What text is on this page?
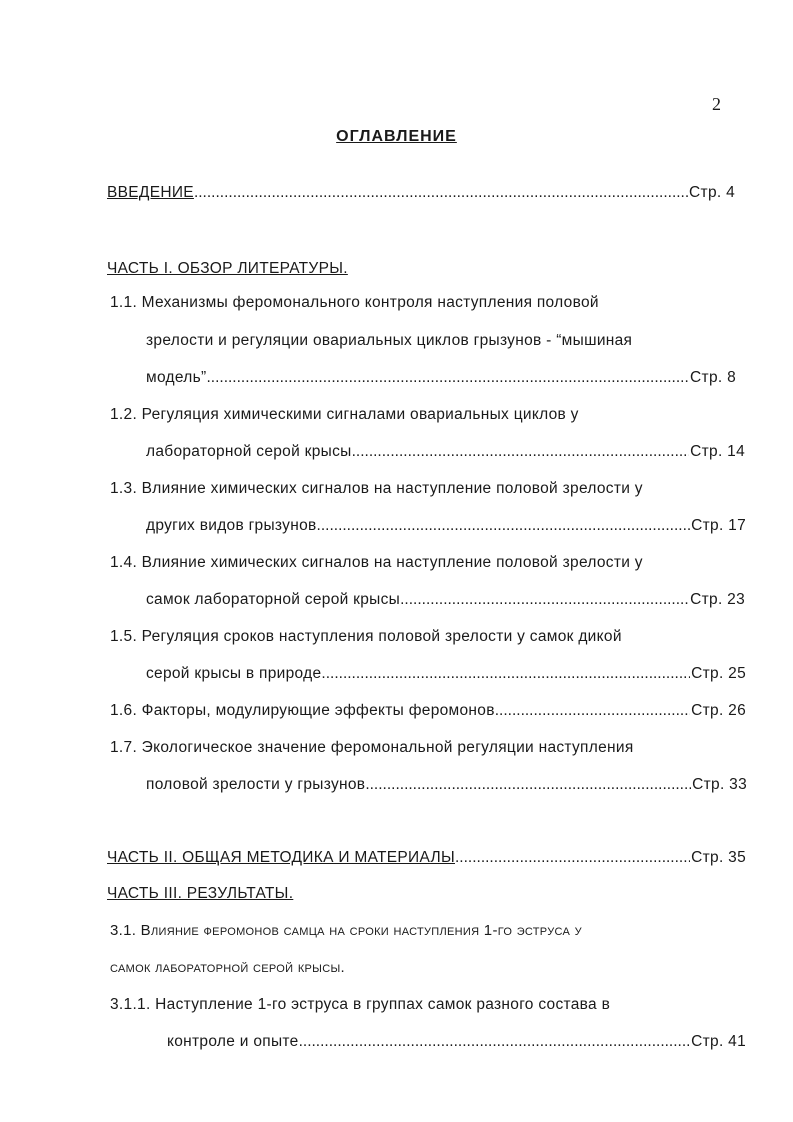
2
ОГЛАВЛЕНИЕ
ВВЕДЕНИЕ .....	Стр. 4
ЧАСТЬ I. ОБЗОР ЛИТЕРАТУРЫ.
1.1. Механизмы феромонального контроля наступления половой
зрелости и регуляции овариальных циклов грызунов - “мышиная
модель” .....	Стр. 8
1.2. Регуляция химическими сигналами овариальных циклов у
лабораторной серой крысы .....	Стр. 14
1.3. Влияние химических сигналов на наступление половой зрелости у
других видов грызунов .....	Стр. 17
1.4. Влияние химических сигналов на наступление половой зрелости у
самок лабораторной серой крысы .....	Стр. 23
1.5. Регуляция сроков наступления половой зрелости у самок дикой
серой крысы в природе .....	Стр. 25
1.6. Факторы, модулирующие эффекты феромонов .....	Стр. 26
1.7. Экологическое значение феромональной регуляции наступления
половой зрелости у грызунов .....	Стр. 33
ЧАСТЬ II. ОБЩАЯ МЕТОДИКА И МАТЕРИАЛЫ .....	Стр. 35
ЧАСТЬ III. РЕЗУЛЬТАТЫ.
3.1. Влияние феромонов самца на сроки наступления 1-го эструса у
самок лабораторной серой крысы.
3.1.1. Наступление 1-го эструса в группах самок разного состава в
контроле и опыте .....	Стр. 41
